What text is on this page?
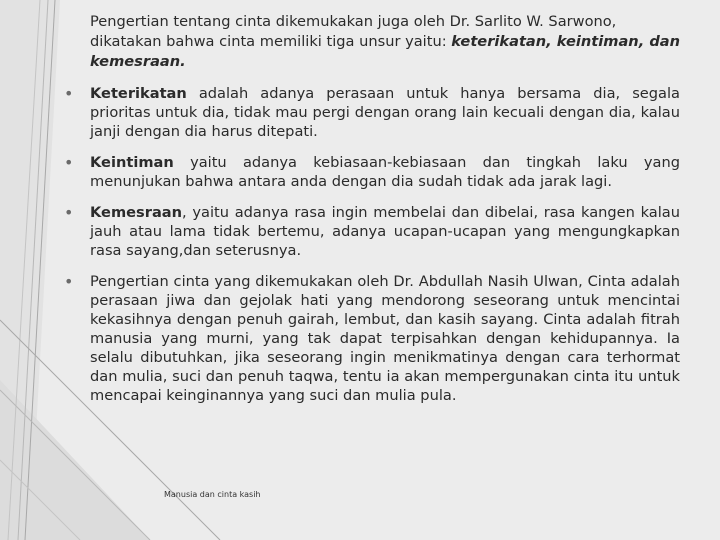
Pengertian tentang cinta dikemukakan juga oleh Dr. Sarlito W. Sarwono, dikatakan bahwa cinta memiliki tiga unsur yaitu: keterikatan, keintiman, dan kemesraan.

• Keterikatan adalah adanya perasaan untuk hanya bersama dia, segala prioritas untuk dia, tidak mau pergi dengan orang lain kecuali dengan dia, kalau janji dengan dia harus ditepati.
• Keintiman yaitu adanya kebiasaan-kebiasaan dan tingkah laku yang menunjukan bahwa antara anda dengan dia sudah tidak ada jarak lagi.
• Kemesraan, yaitu adanya rasa ingin membelai dan dibelai, rasa kangen kalau jauh atau lama tidak bertemu, adanya ucapan-ucapan yang mengungkapkan rasa sayang,dan seterusnya.
• Pengertian cinta yang dikemukakan oleh Dr. Abdullah Nasih Ulwan, Cinta adalah perasaan jiwa dan gejolak hati yang mendorong seseorang untuk mencintai kekasihnya dengan penuh gairah, lembut, dan kasih sayang. Cinta adalah fitrah manusia yang murni, yang tak dapat terpisahkan dengan kehidupannya. Ia selalu dibutuhkan, jika seseorang ingin menikmatinya dengan cara terhormat dan mulia, suci dan penuh taqwa, tentu ia akan mempergunakan cinta itu untuk mencapai keinginannya yang suci dan mulia pula.
Manusia dan cinta kasih
